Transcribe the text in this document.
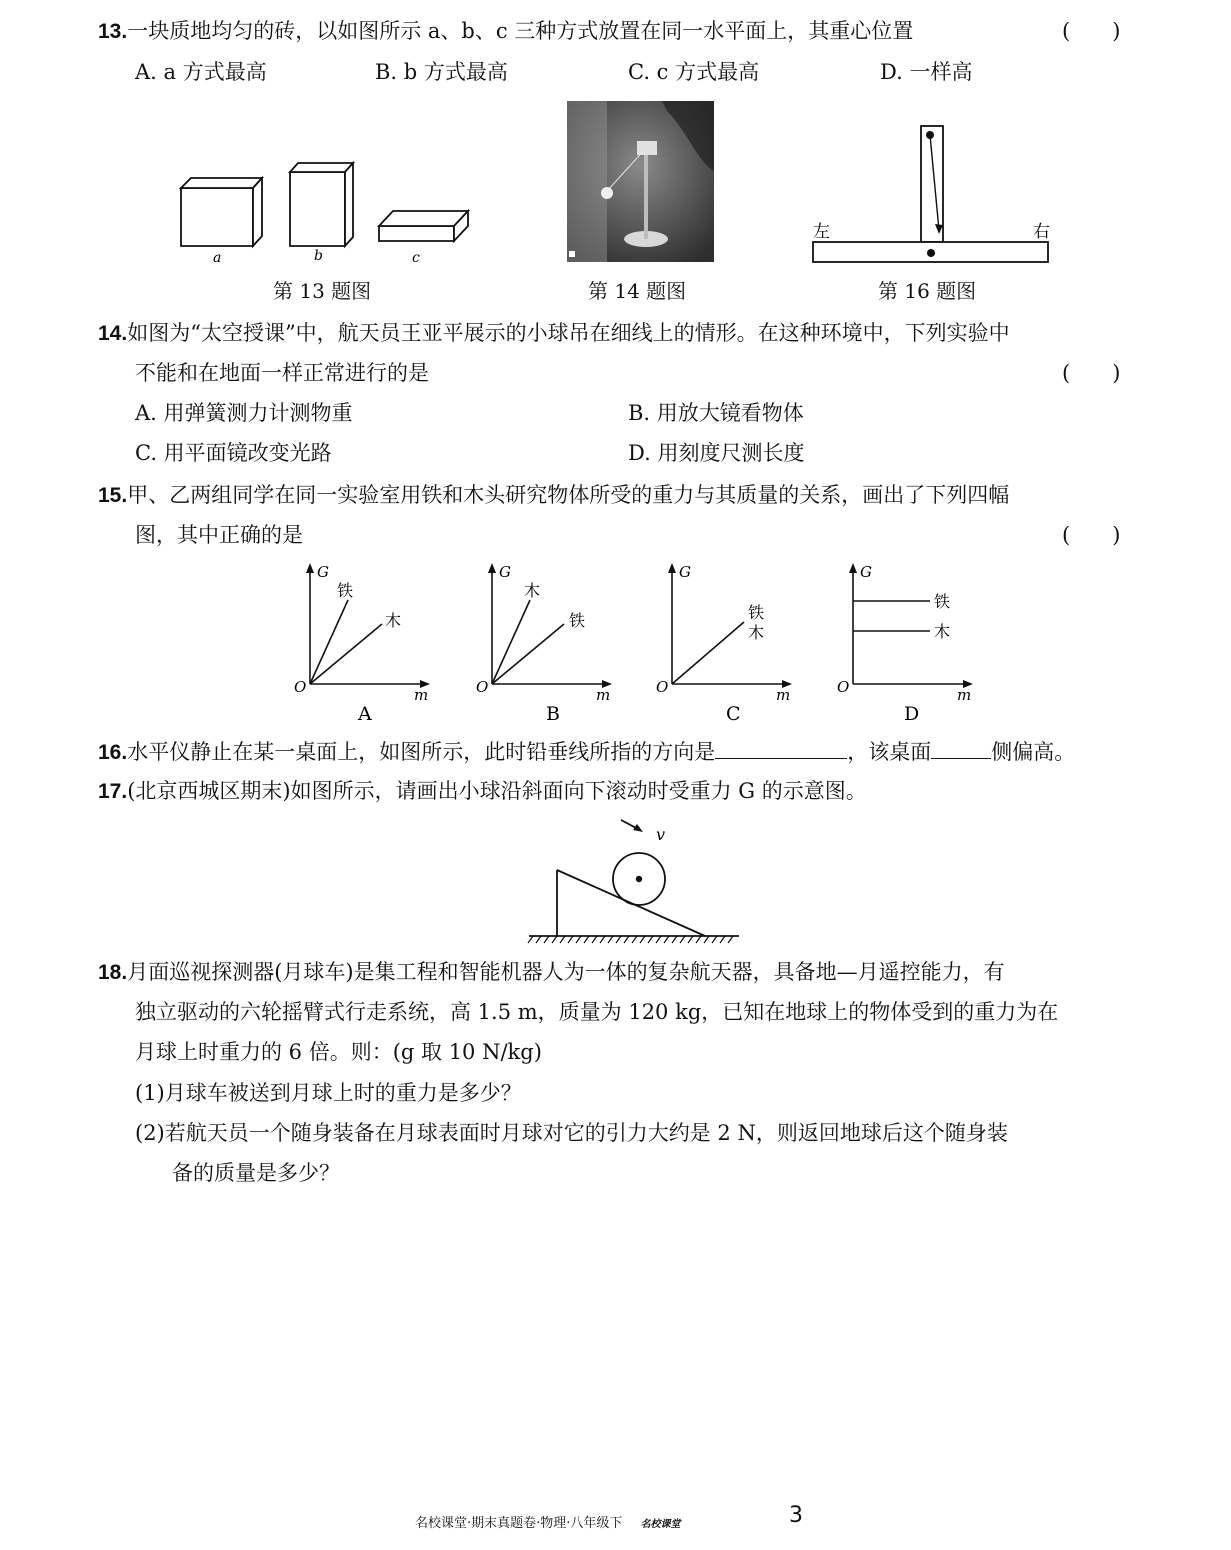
13.一块质地均匀的砖，以如图所示 a、b、c 三种方式放置在同一水平面上，其重心位置	(　　)
A. a 方式最高	B. b 方式最高	C. c 方式最高	D. 一样高
a	b	c
第 13 题图	第 14 题图
左	右
第 16 题图
14.如图为“太空授课”中，航天员王亚平展示的小球吊在细线上的情形。在这种环境中，下列实验中
不能和在地面一样正常进行的是	(　　)
A. 用弹簧测力计测物重	B. 用放大镜看物体
C. 用平面镜改变光路	D. 用刻度尺测长度
15.甲、乙两组同学在同一实验室用铁和木头研究物体所受的重力与其质量的关系，画出了下列四幅
图，其中正确的是	(　　)
G
m
O
铁
木
A
G
m
O
木
铁
B
G
m
O
铁
木
C
G
m
O
铁
木
D
16.水平仪静止在某一桌面上，如图所示，此时铅垂线所指的方向是	，该桌面	侧偏高。
17.(北京西城区期末)如图所示，请画出小球沿斜面向下滚动时受重力 G 的示意图。
v
18.月面巡视探测器(月球车)是集工程和智能机器人为一体的复杂航天器，具备地—月遥控能力，有
独立驱动的六轮摇臂式行走系统，高 1.5 m，质量为 120 kg，已知在地球上的物体受到的重力为在
月球上时重力的 6 倍。则：(g 取 10 N/kg)
(1)月球车被送到月球上时的重力是多少？
(2)若航天员一个随身装备在月球表面时月球对它的引力大约是 2 N，则返回地球后这个随身装
备的质量是多少？
名校课堂·期末真题卷·物理·八年级下 名校课堂	3
